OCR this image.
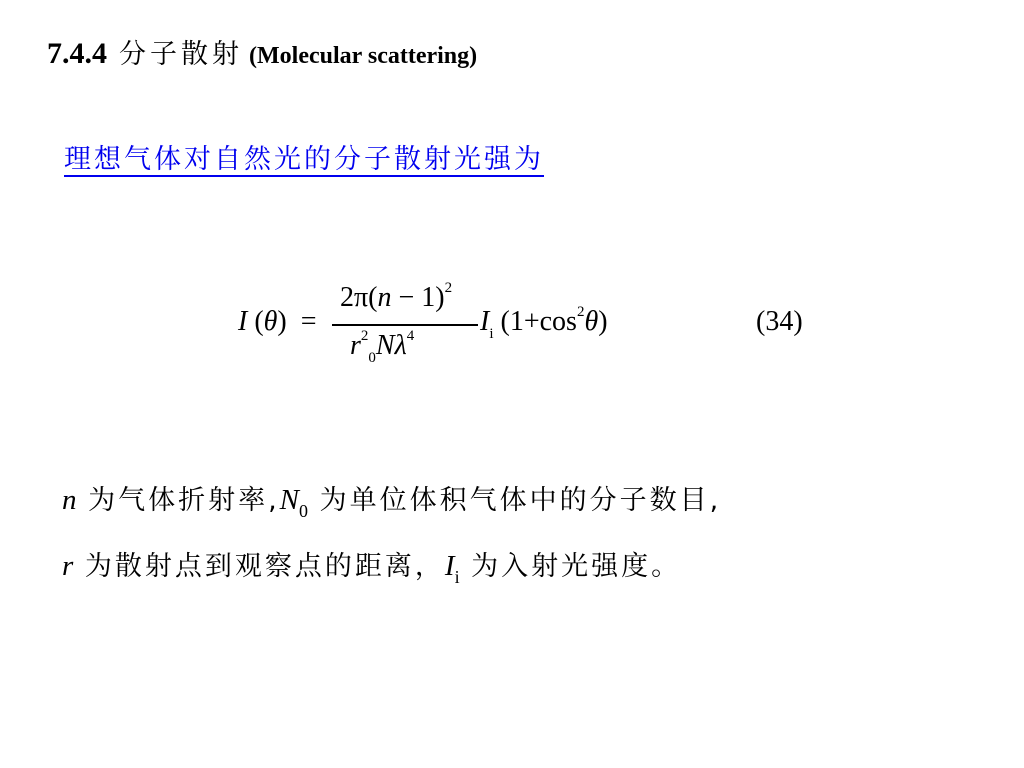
7.4.4 分子散射 (Molecular scattering)
理想气体对自然光的分子散射光强为
I (θ)  =
$2\pi(n - 1)^2$
$r^2_0N\lambda^4$ $I_i$ $(1+\cos^2\theta)$	(34)
n 为气体折射率$,N_0$ 为单位体积气体中的分子数目,
r 为散射点到观察点的距离，$I_i$ 为入射光强度。
